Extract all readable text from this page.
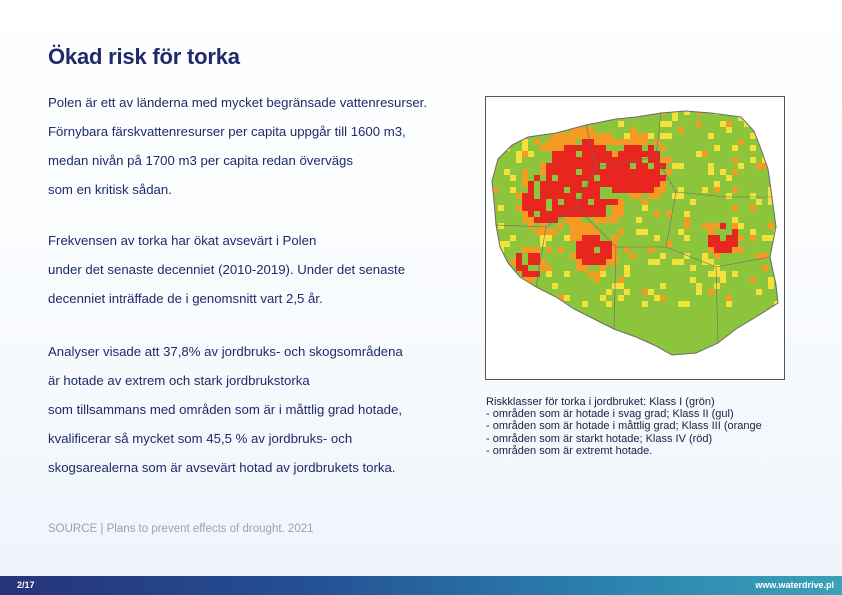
Ökad risk för torka
Polen är ett av länderna med mycket begränsade vattenresurser.
Förnybara färskvattenresurser per capita uppgår till 1600 m3,
medan nivån på 1700 m3 per capita redan övervägs
som en kritisk sådan.
Frekvensen av torka har ökat avsevärt i Polen
under det senaste decenniet (2010-2019). Under det senaste
decenniet inträffade de i genomsnitt vart 2,5 år.
Analyser visade att 37,8% av jordbruks- och skogsområdena
är hotade av extrem och stark jordbrukstorka
som tillsammans med områden som är i måttlig grad hotade,
kvalificerar så mycket som 45,5 % av jordbruks- och
skogsarealerna som är avsevärt hotad av jordbrukets torka.
SOURCE | Plans to prevent effects of drought. 2021
Riskklasser för torka i jordbruket: Klass I (grön)
- områden som är hotade i svag grad; Klass II (gul)
- områden som är hotade i måttlig grad; Klass III (orange
- områden som är starkt hotade; Klass IV (röd)
- områden som är extremt hotade.
2/17	www.waterdrive.pl
